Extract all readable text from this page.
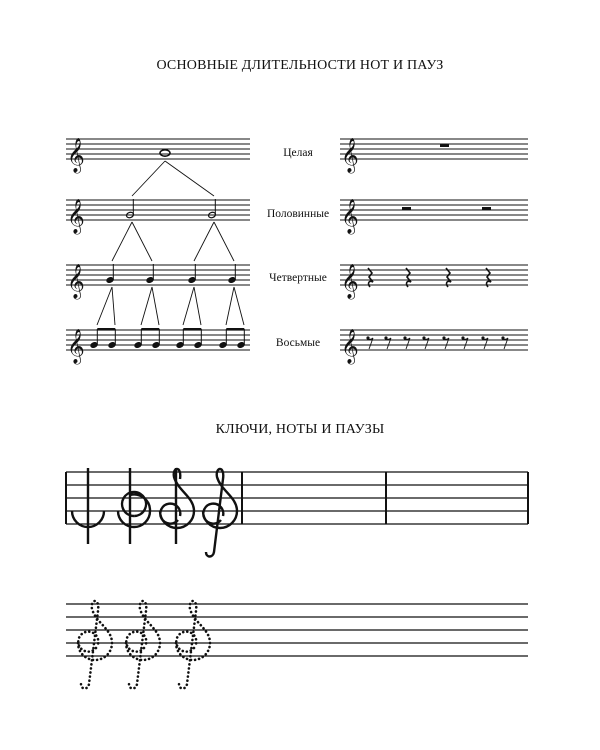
ОСНОВНЫЕ ДЛИТЕЛЬНОСТИ НОТ И ПАУЗ
Целая
Половинные
Четвертные
Восьмые
КЛЮЧИ, НОТЫ И ПАУЗЫ
𝄞	𝄞
𝄞	𝄞
𝄞	𝄞
𝄞	𝄞
